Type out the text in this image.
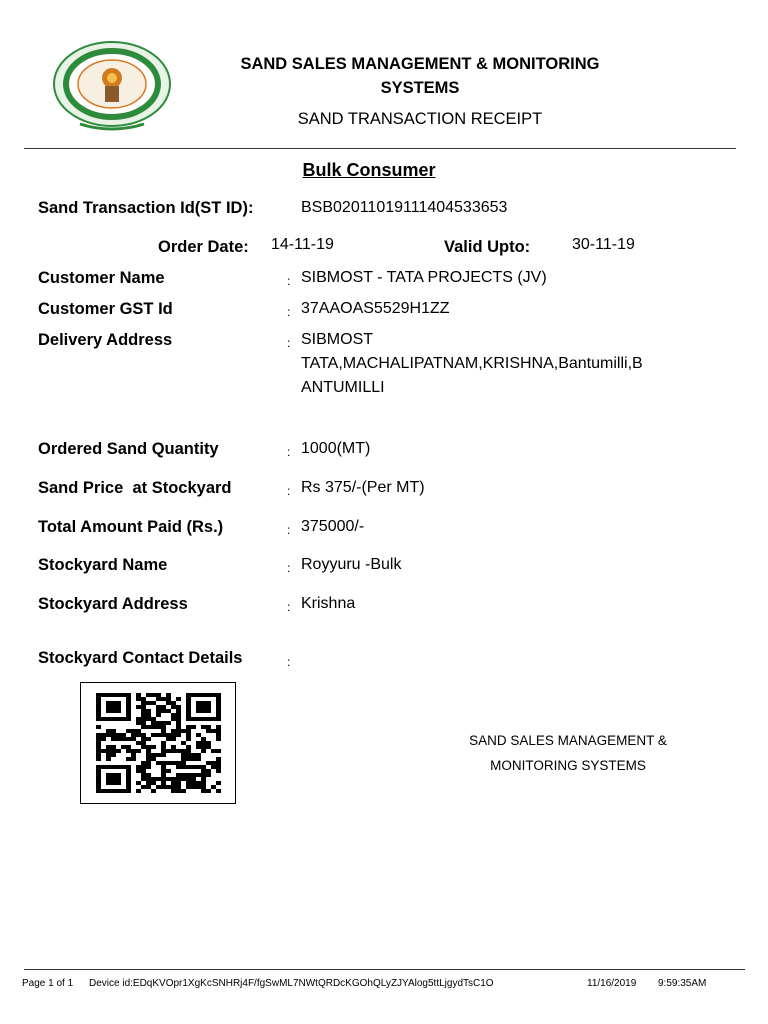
SAND SALES MANAGEMENT & MONITORING
SYSTEMS
SAND TRANSACTION RECEIPT
Bulk Consumer
Sand Transaction Id(ST ID):	BSB02011019111404533653
Order Date: 14-11-19	Valid Upto:	30-11-19
Customer Name	: SIBMOST - TATA PROJECTS (JV)
Customer GST Id	: 37AAOAS5529H1ZZ
Delivery Address	: SIBMOST
TATA,MACHALIPATNAM,KRISHNA,Bantumilli,B
ANTUMILLI
Ordered Sand Quantity	: 1000(MT)
Sand Price  at Stockyard	: Rs 375/-(Per MT)
Total Amount Paid (Rs.)	: 375000/-
Stockyard Name	: Royyuru -Bulk
Stockyard Address	: Krishna
Stockyard Contact Details	:
SAND SALES MANAGEMENT &
MONITORING SYSTEMS
Page 1 of 1 Device id:EDqKVOpr1XgKcSNHRj4F/fgSwML7NWtQRDcKGOhQLyZJYAlog5ttLjgydTsC1O	11/16/2019 9:59:35AM
